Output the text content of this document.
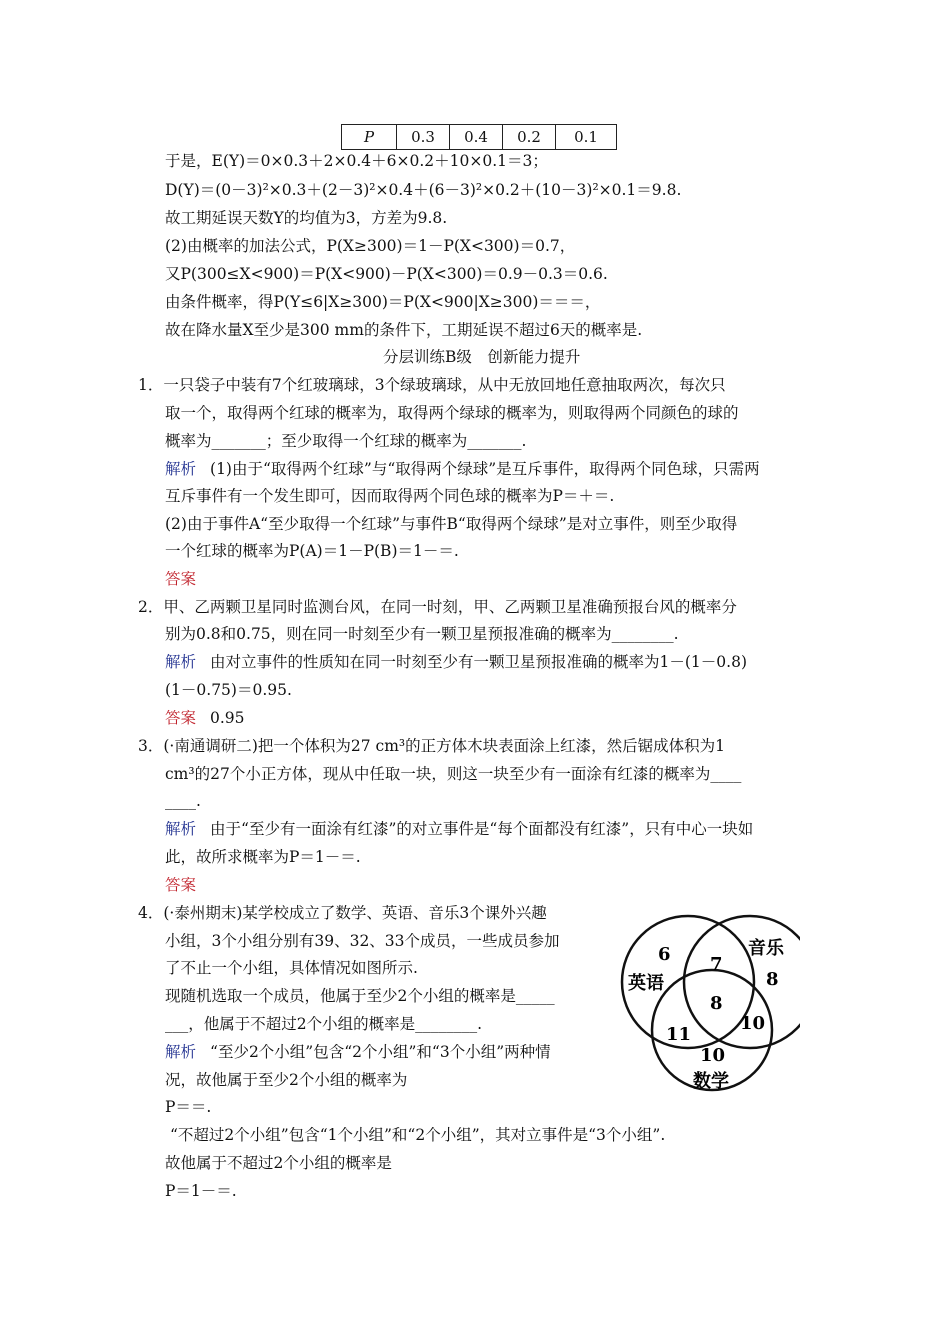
P	0.3	0.4	0.2	0.1
于是，E(Y)＝0×0.3＋2×0.4＋6×0.2＋10×0.1＝3；
D(Y)＝(0－3)²×0.3＋(2－3)²×0.4＋(6－3)²×0.2＋(10－3)²×0.1＝9.8.
故工期延误天数Y的均值为3，方差为9.8.
(2)由概率的加法公式，P(X≥300)＝1－P(X<300)＝0.7，
又P(300≤X<900)＝P(X<900)－P(X<300)＝0.9－0.3＝0.6.
由条件概率，得P(Y≤6|X≥300)＝P(X<900|X≥300)＝＝＝，
故在降水量X至少是300 mm的条件下，工期延误不超过6天的概率是.
分层训练B级　创新能力提升
1．一只袋子中装有7个红玻璃球，3个绿玻璃球，从中无放回地任意抽取两次，每次只
取一个，取得两个红球的概率为，取得两个绿球的概率为，则取得两个同颜色的球的
概率为_______；至少取得一个红球的概率为_______.
解析 (1)由于“取得两个红球”与“取得两个绿球”是互斥事件，取得两个同色球，只需两
互斥事件有一个发生即可，因而取得两个同色球的概率为P＝＋＝.
(2)由于事件A“至少取得一个红球”与事件B“取得两个绿球”是对立事件，则至少取得
一个红球的概率为P(A)＝1－P(B)＝1－＝.
答案
2．甲、乙两颗卫星同时监测台风，在同一时刻，甲、乙两颗卫星准确预报台风的概率分
别为0.8和0.75，则在同一时刻至少有一颗卫星预报准确的概率为________.
解析 由对立事件的性质知在同一时刻至少有一颗卫星预报准确的概率为1－(1－0.8)
(1－0.75)＝0.95.
答案 0.95
3．(·南通调研二)把一个体积为27 cm³的正方体木块表面涂上红漆，然后锯成体积为1
cm³的27个小正方体，现从中任取一块，则这一块至少有一面涂有红漆的概率为____
____.
解析 由于“至少有一面涂有红漆”的对立事件是“每个面都没有红漆”，只有中心一块如
此，故所求概率为P＝1－＝.
答案
4．(·泰州期末)某学校成立了数学、英语、音乐3个课外兴趣
小组，3个小组分别有39、32、33个成员，一些成员参加
了不止一个小组，具体情况如图所示.
现随机选取一个成员，他属于至少2个小组的概率是_____
___，他属于不超过2个小组的概率是________.
解析 “至少2个小组”包含“2个小组”和“3个小组”两种情
况，故他属于至少2个小组的概率为
P＝＝.
“不超过2个小组”包含“1个小组”和“2个小组”，其对立事件是“3个小组”.
故他属于不超过2个小组的概率是
P＝1－＝.
英语
音乐
数学
6
8
7
8
11
10
10
